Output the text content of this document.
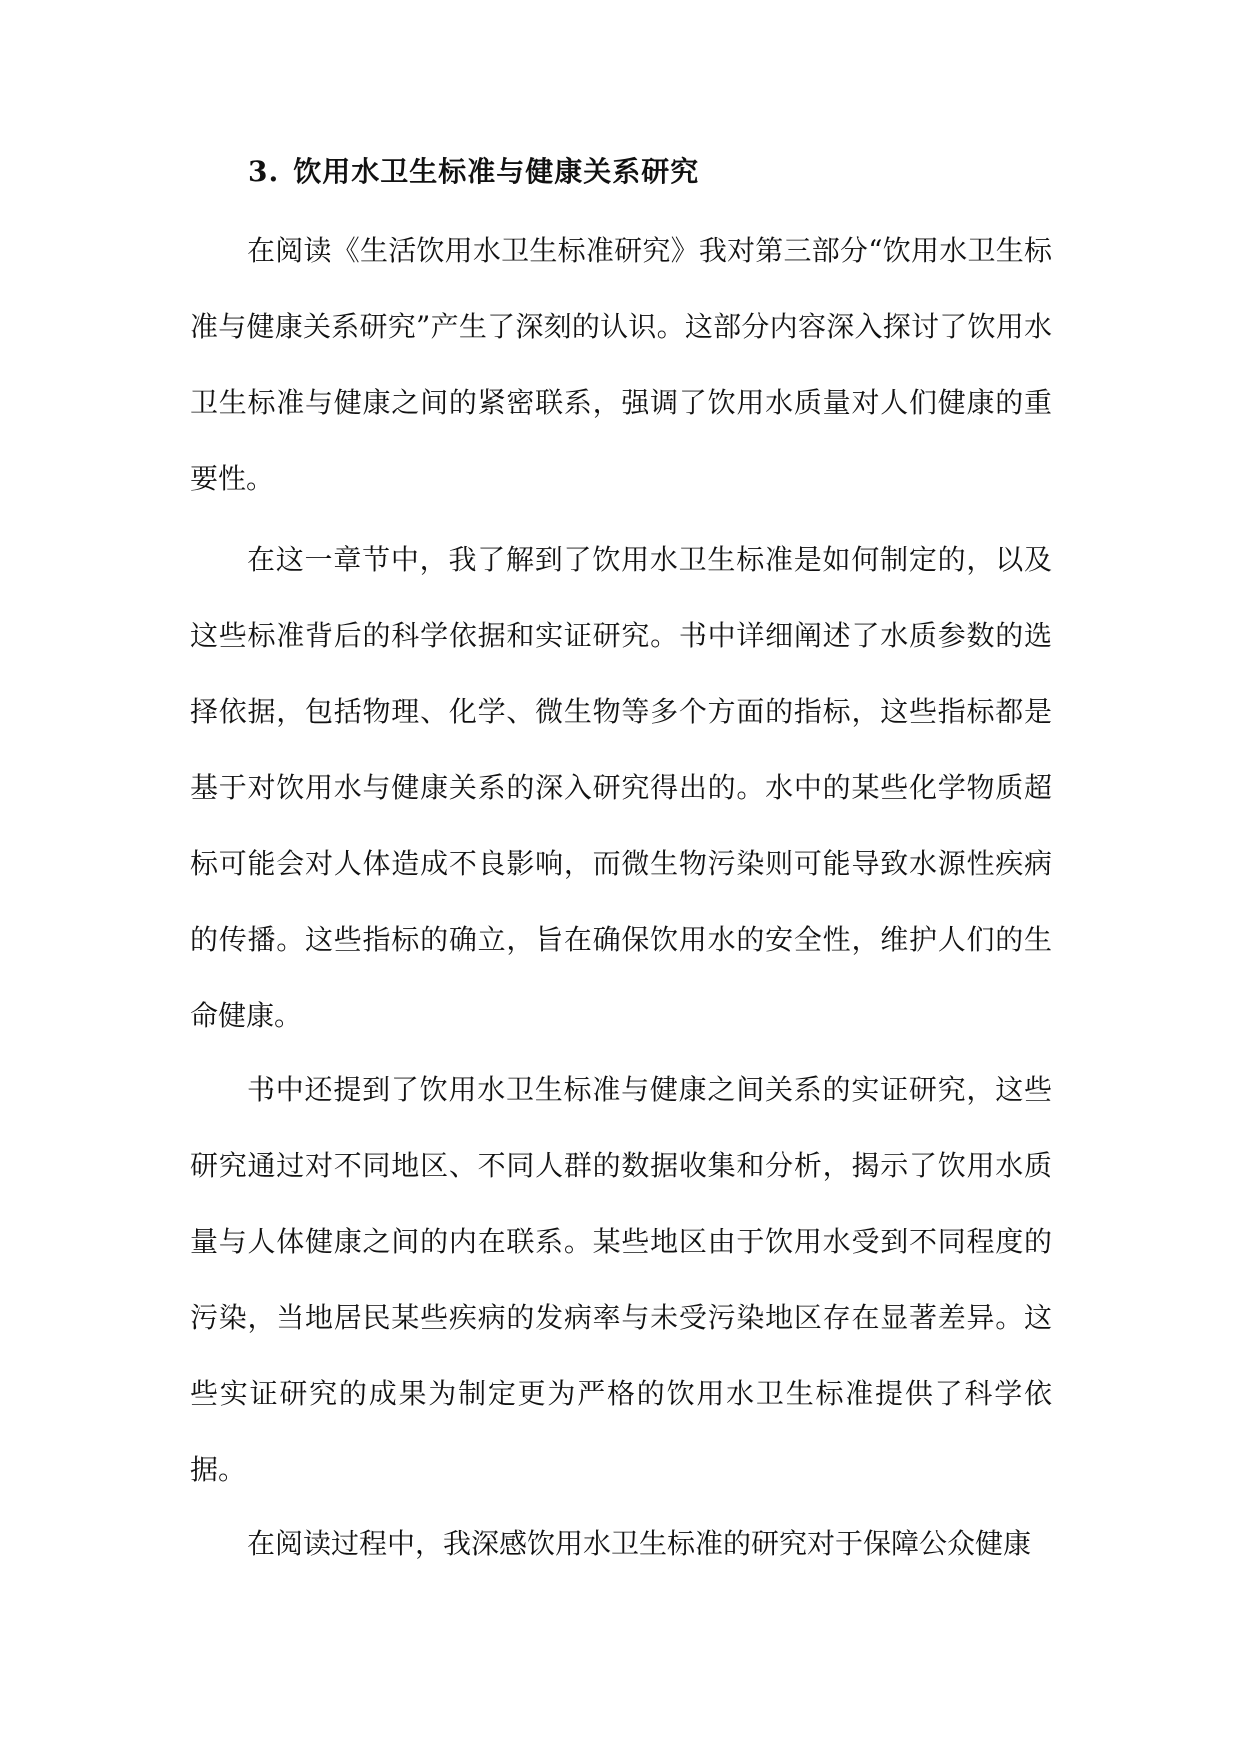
3. 饮用水卫生标准与健康关系研究

在阅读《生活饮用水卫生标准研究》我对第三部分“饮用水卫生标准与健康关系研究”产生了深刻的认识。这部分内容深入探讨了饮用水卫生标准与健康之间的紧密联系，强调了饮用水质量对人们健康的重要性。

在这一章节中，我了解到了饮用水卫生标准是如何制定的，以及这些标准背后的科学依据和实证研究。书中详细阐述了水质参数的选择依据，包括物理、化学、微生物等多个方面的指标，这些指标都是基于对饮用水与健康关系的深入研究得出的。水中的某些化学物质超标可能会对人体造成不良影响，而微生物污染则可能导致水源性疾病的传播。这些指标的确立，旨在确保饮用水的安全性，维护人们的生命健康。

书中还提到了饮用水卫生标准与健康之间关系的实证研究，这些研究通过对不同地区、不同人群的数据收集和分析，揭示了饮用水质量与人体健康之间的内在联系。某些地区由于饮用水受到不同程度的污染，当地居民某些疾病的发病率与未受污染地区存在显著差异。这些实证研究的成果为制定更为严格的饮用水卫生标准提供了科学依据。

在阅读过程中，我深感饮用水卫生标准的研究对于保障公众健康
